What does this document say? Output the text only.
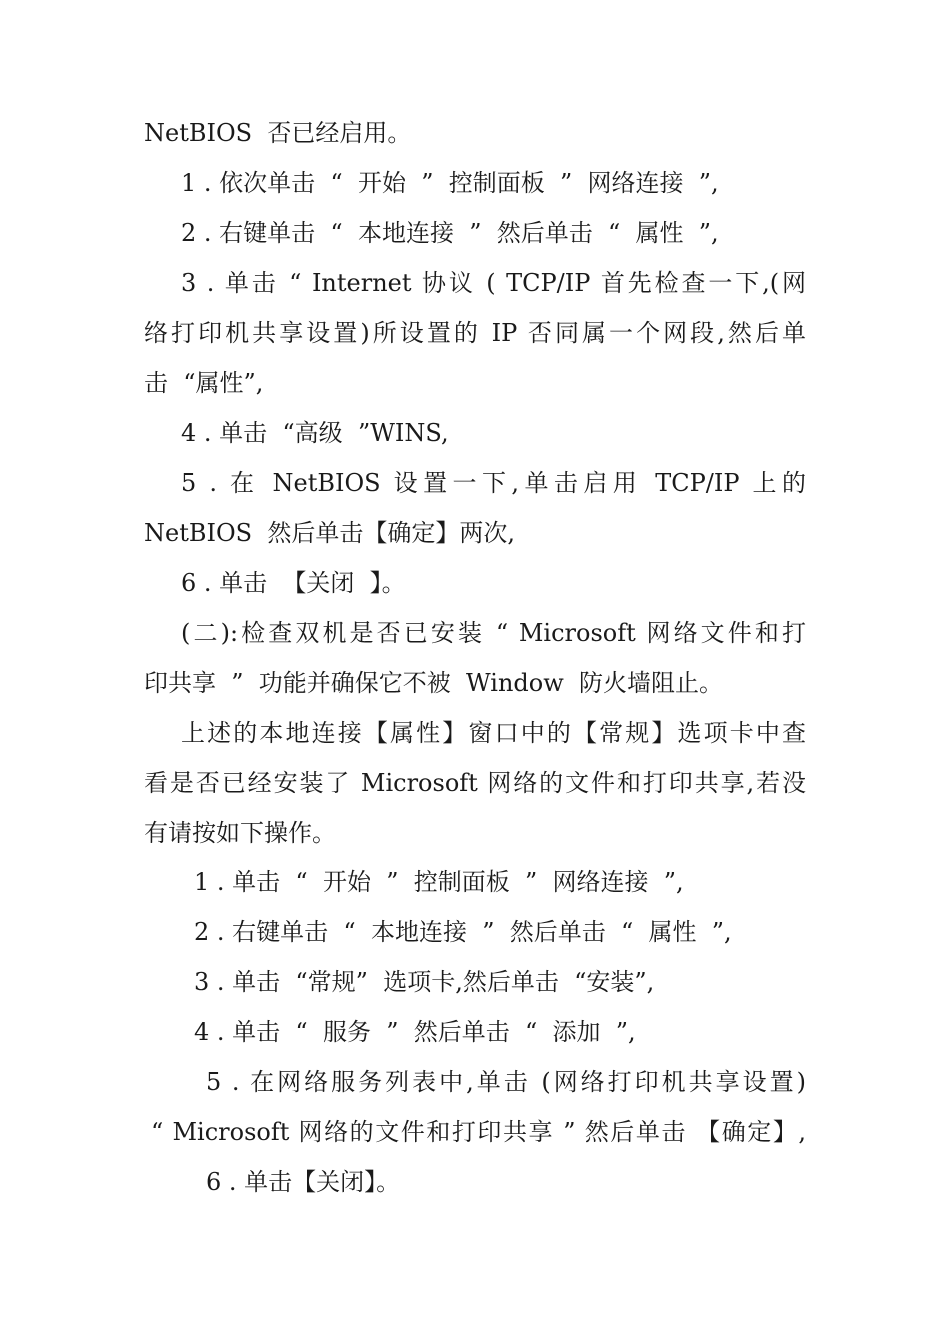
NetBIOS  否已经启用。
1 . 依次单击  “  开始  ”  控制面板  ”  网络连接  ”,
2 . 右键单击  “  本地连接  ”  然后单击  “  属性  ”,
3 . 单击 “ Internet 协议 ( TCP/IP 首先检查一下,(网
络打印机共享设置)所设置的 IP 否同属一个网段,然后单
击  “属性”,
4 . 单击  “高级  ”WINS,
5 . 在 NetBIOS 设置一下,单击启用 TCP/IP 上的
NetBIOS  然后单击【确定】两次,
6 . 单击  【关闭  】。
(二):检查双机是否已安装 “ Microsoft 网络文件和打
印共享  ”  功能并确保它不被  Window  防火墙阻止。
上述的本地连接【属性】窗口中的【常规】选项卡中查
看是否已经安装了 Microsoft 网络的文件和打印共享,若没
有请按如下操作。
1 . 单击  “  开始  ”  控制面板  ”  网络连接  ”,
2 . 右键单击  “  本地连接  ”  然后单击  “  属性  ”,
3 . 单击  “常规”  选项卡,然后单击  “安装”,
4 . 单击  “  服务  ”  然后单击  “  添加  ”,
5 . 在网络服务列表中,单击 (网络打印机共享设置)
“ Microsoft 网络的文件和打印共享 ” 然后单击 【确定】,
6 . 单击【关闭】。
